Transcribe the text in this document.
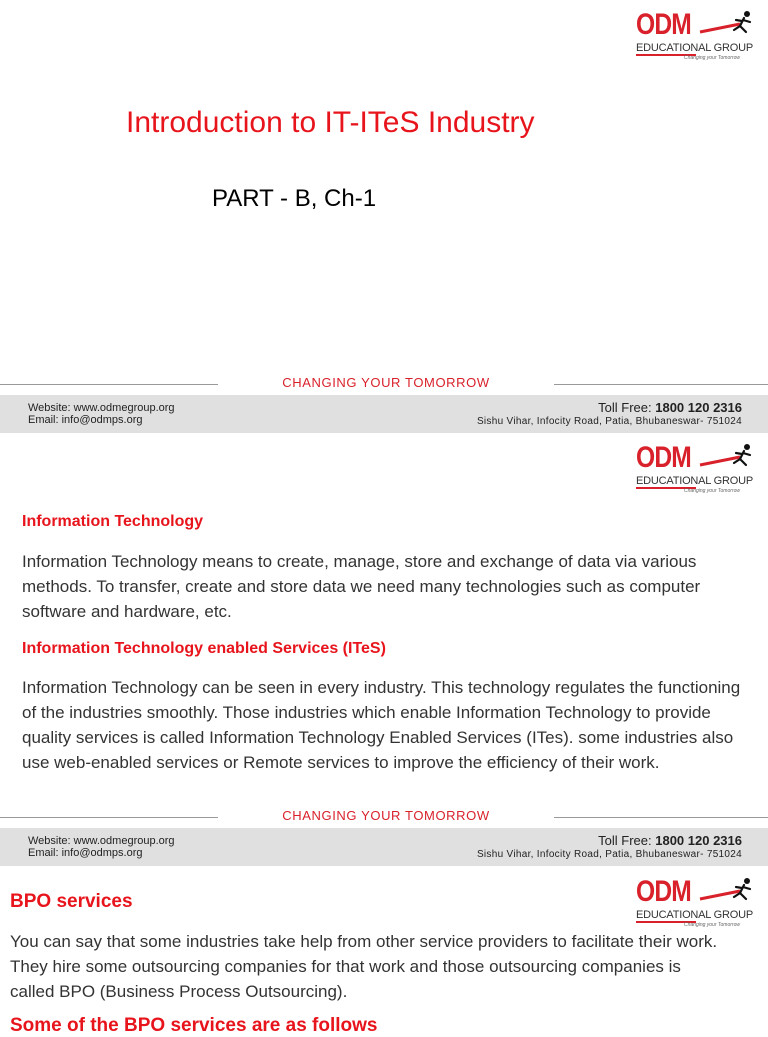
ODM
EDUCATIONAL GROUP
Changing your Tomorrow
Introduction to IT-ITeS Industry
PART - B, Ch-1
CHANGING YOUR TOMORROW
Website: www.odmegroup.org
Email: info@odmps.org
Toll Free: 1800 120 2316
Sishu Vihar, Infocity Road, Patia, Bhubaneswar- 751024
ODM
EDUCATIONAL GROUP
Changing your Tomorrow
Information Technology
Information Technology means to create, manage, store and exchange of data via various methods. To transfer, create and store data we need many technologies such as computer software and hardware, etc.
Information Technology enabled Services (ITeS)
Information Technology can be seen in every industry. This technology regulates the functioning of the industries smoothly. Those industries which enable Information Technology to provide quality services is called Information Technology Enabled Services (ITes). some industries also use web-enabled services or Remote services to improve the efficiency of their work.
CHANGING YOUR TOMORROW
Website: www.odmegroup.org
Email: info@odmps.org
Toll Free: 1800 120 2316
Sishu Vihar, Infocity Road, Patia, Bhubaneswar- 751024
ODM
EDUCATIONAL GROUP
Changing your Tomorrow
BPO services
You can say that some industries take help from other service providers to facilitate their work. They hire some outsourcing companies for that work and those outsourcing companies is called BPO (Business Process Outsourcing).
Some of the BPO services are as follows
